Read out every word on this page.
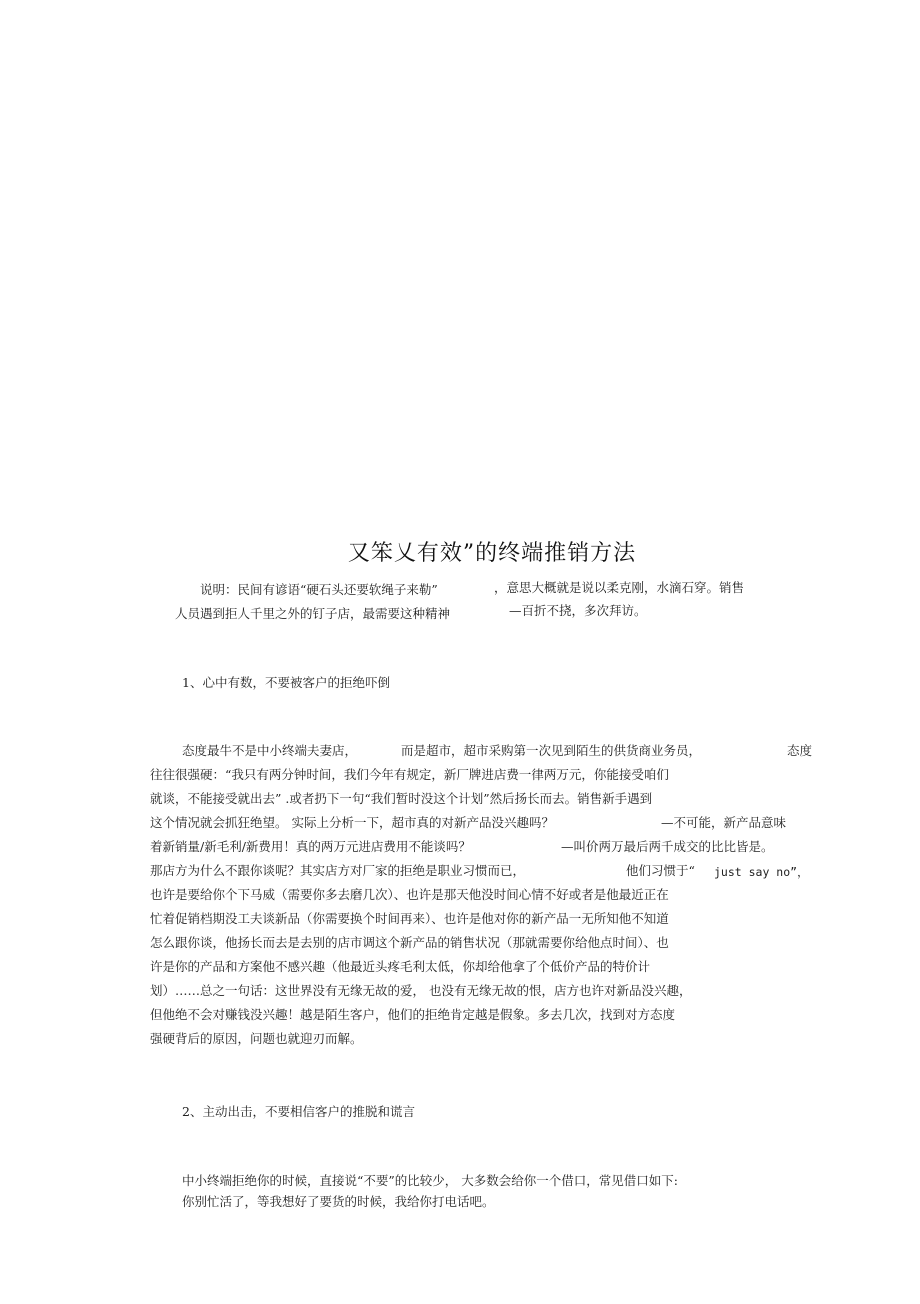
又笨乂有效”的终端推销方法
说明：民间有谚语“硬石头还要软绳子来勒”	，意思大概就是说以柔克刚，水滴石穿。销售
人员遇到拒人千里之外的钉子店，最需要这种精神	—百折不挠，多次拜访。
1、心中有数，不要被客户的拒绝吓倒
态度最牛不是中小终端夫妻店，	而是超市，超市采购第一次见到陌生的供货商业务员，	态度
往往很强硬：“我只有两分钟时间，我们今年有规定，新厂牌进店费一律两万元，你能接受咱们
就谈，不能接受就出去” .或者扔下一句“我们暂时没这个计划”然后扬长而去。销售新手遇到
这个情况就会抓狂绝望。 实际上分析一下，超市真的对新产品没兴趣吗？	—不可能，新产品意味
着新销量/新毛利/新费用！真的两万元进店费用不能谈吗？	—叫价两万最后两千成交的比比皆是。
那店方为什么不跟你谈呢？其实店方对厂家的拒绝是职业习惯而已，	他们习惯于“ just say no”，
也许是要给你个下马威（需要你多去磨几次）、也许是那天他没时间心情不好或者是他最近正在
忙着促销档期没工夫谈新品（你需要换个时间再来）、也许是他对你的新产品一无所知他不知道
怎么跟你谈，他扬长而去是去别的店市调这个新产品的销售状况（那就需要你给他点时间）、也
许是你的产品和方案他不感兴趣（他最近头疼毛利太低，你却给他拿了个低价产品的特价计
划）……总之一句话：这世界没有无缘无故的爱， 也没有无缘无故的恨，店方也许对新品没兴趣，
但他绝不会对赚钱没兴趣！越是陌生客户，他们的拒绝肯定越是假象。多去几次，找到对方态度
强硬背后的原因，问题也就迎刃而解。
2、主动出击，不要相信客户的推脱和谎言
中小终端拒绝你的时候，直接说“不要”的比较少， 大多数会给你一个借口，常见借口如下:
你别忙活了，等我想好了要货的时候，我给你打电话吧。
